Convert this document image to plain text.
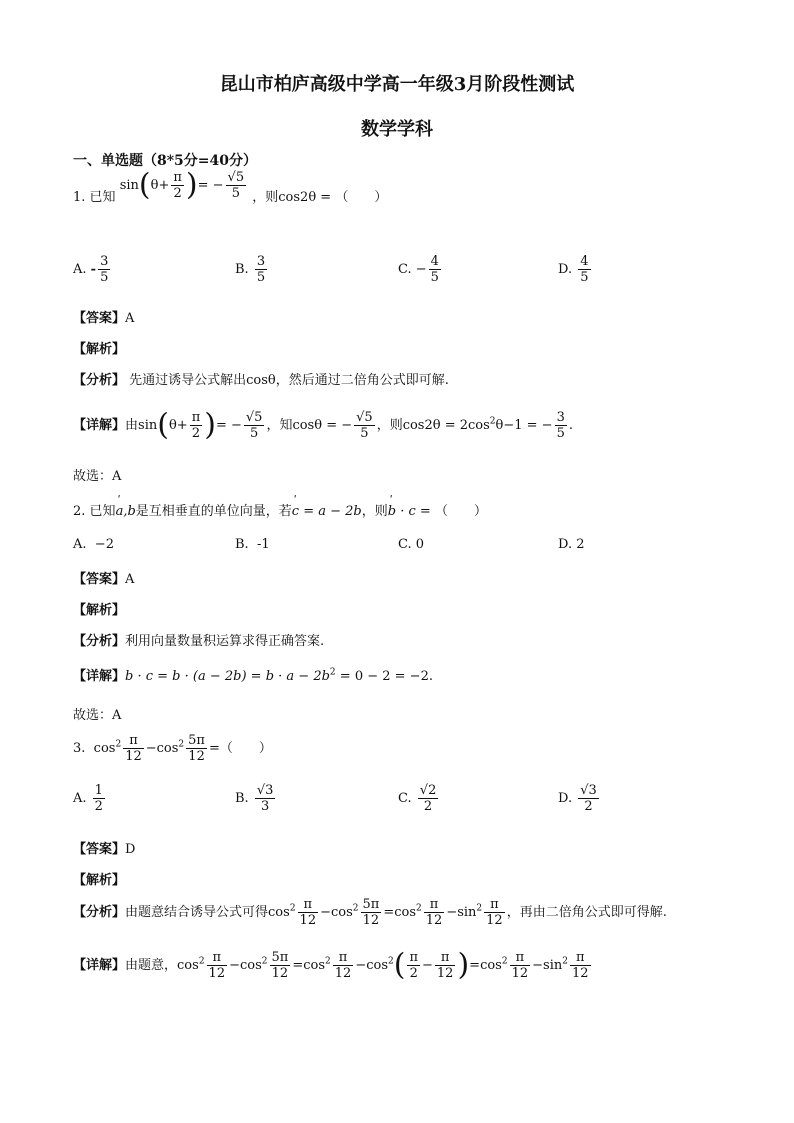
昆山市柏庐高级中学高一年级3月阶段性测试
数学学科
一、单选题（8*5分=40分）
1. 已知 $\sin(\theta+ \frac{\pi}{2}$ )= − √ $\frac{5}{5}$ ，则cos2θ = （　　）
A. - $\frac{3}{5}$	B. $\frac{3}{5}$	C. − $\frac{4}{5}$	D. $\frac{4}{5}$
【答案】A
【解析】
【分析】 先通过诱导公式解出cosθ，然后通过二倍角公式即可解.
【详解】由$\sin(\theta+ \frac{\pi}{2}$ )= − √ $\frac{5}{5}$ ，知cosθ = − √ $\frac{5}{5}$ ，则$\cos 2\theta = 2\cos^2\theta-1$ = − $\frac{3}{5}$ .
故选：A
2. 已知ˈ a,b是互相垂直的单位向量，若ˈ c = a − 2b，则ˈ b · c = （　　）
A. −2	B. -1	C. 0	D. 2
【答案】A
【解析】
【分析】利用向量数量积运算求得正确答案.
【详解】$b \cdot c = b \cdot (a - 2b) = b \cdot a - 2b^2 = 0 - 2 = -2$.
故选：A
3. $\cos^2 \frac{\pi}{12} -\cos^2 \frac{5\pi}{12}$ =（　　）
A. $\frac{1}{2}$	B. √ $\frac{3}{3}$	C. √ $\frac{2}{2}$	D. √ $\frac{3}{2}$
【答案】D
【解析】
【分析】由题意结合诱导公式可得$\cos^2 \frac{\pi}{12} -\cos^2 \frac{5\pi}{12} =\cos^2 \frac{\pi}{12} -\sin^2 \frac{\pi}{12}$ ，再由二倍角公式即可得解.
【详解】由题意，$\cos^2 \frac{\pi}{12} -\cos^2 \frac{5\pi}{12} =\cos^2 \frac{\pi}{12} -\cos^2( \frac{\pi}{2} - \frac{\pi}{12} )=\cos^2 \frac{\pi}{12} -\sin^2 \frac{\pi}{12}$
